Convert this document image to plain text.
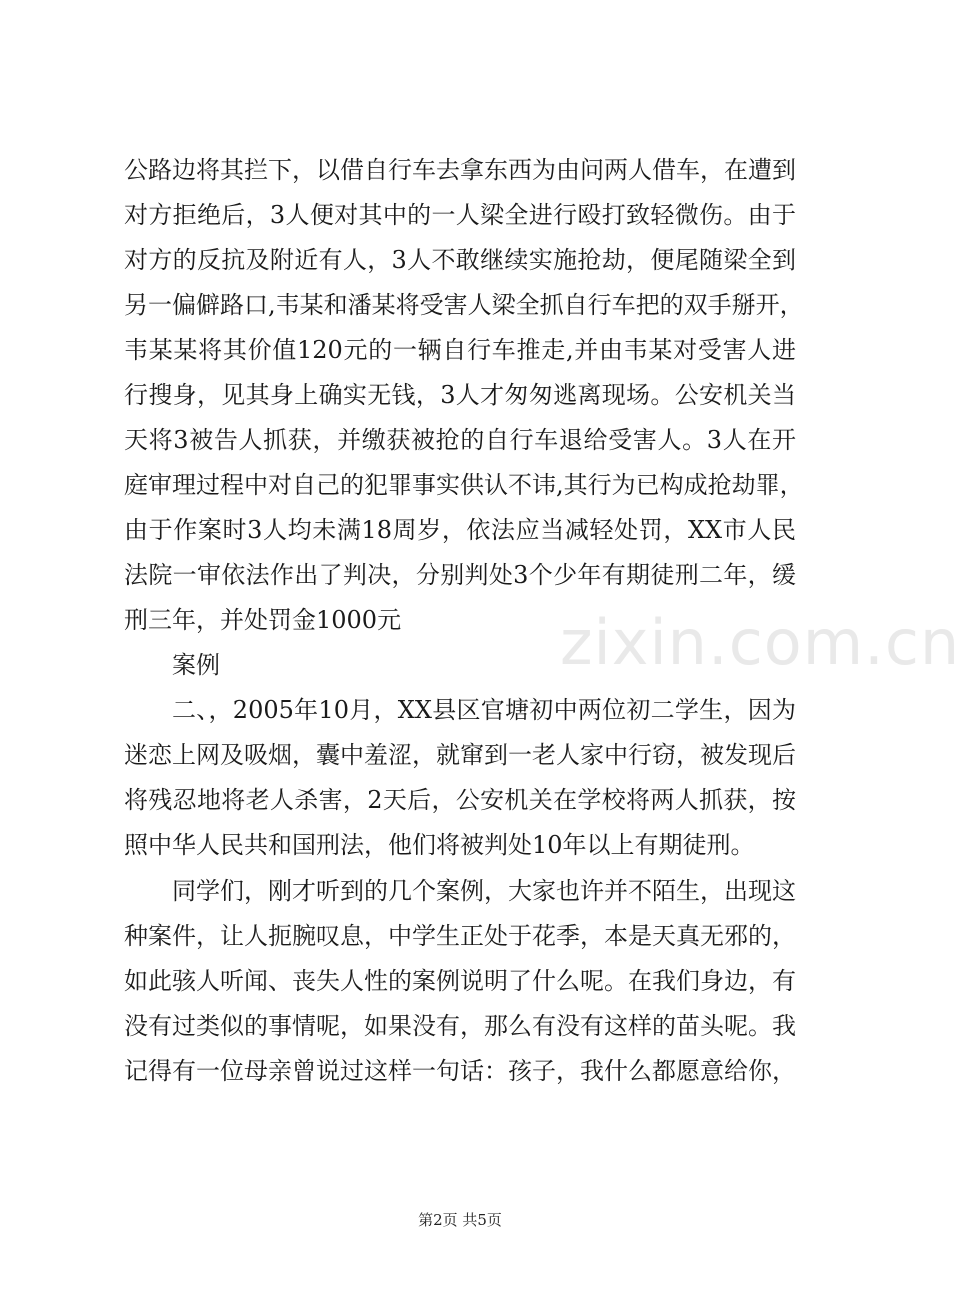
zixin.com.cn
公路边将其拦下，以借自行车去拿东西为由问两人借车，在遭到
对方拒绝后，3人便对其中的一人梁全进行殴打致轻微伤。由于
对方的反抗及附近有人，3人不敢继续实施抢劫，便尾随梁全到
另一偏僻路口,韦某和潘某将受害人梁全抓自行车把的双手掰开，
韦某某将其价值120元的一辆自行车推走,并由韦某对受害人进
行搜身，见其身上确实无钱，3人才匆匆逃离现场。公安机关当
天将3被告人抓获，并缴获被抢的自行车退给受害人。3人在开
庭审理过程中对自己的犯罪事实供认不讳,其行为已构成抢劫罪，
由于作案时3人均未满18周岁，依法应当减轻处罚，XX市人民
法院一审依法作出了判决，分别判处3个少年有期徒刑二年，缓
刑三年，并处罚金1000元
案例
二、，2005年10月，XX县区官塘初中两位初二学生，因为
迷恋上网及吸烟，囊中羞涩，就窜到一老人家中行窃，被发现后
将残忍地将老人杀害，2天后，公安机关在学校将两人抓获，按
照中华人民共和国刑法，他们将被判处10年以上有期徒刑。
同学们，刚才听到的几个案例，大家也许并不陌生，出现这
种案件，让人扼腕叹息，中学生正处于花季，本是天真无邪的，
如此骇人听闻、丧失人性的案例说明了什么呢。在我们身边，有
没有过类似的事情呢，如果没有，那么有没有这样的苗头呢。我
记得有一位母亲曾说过这样一句话：孩子，我什么都愿意给你，
第2页 共5页
